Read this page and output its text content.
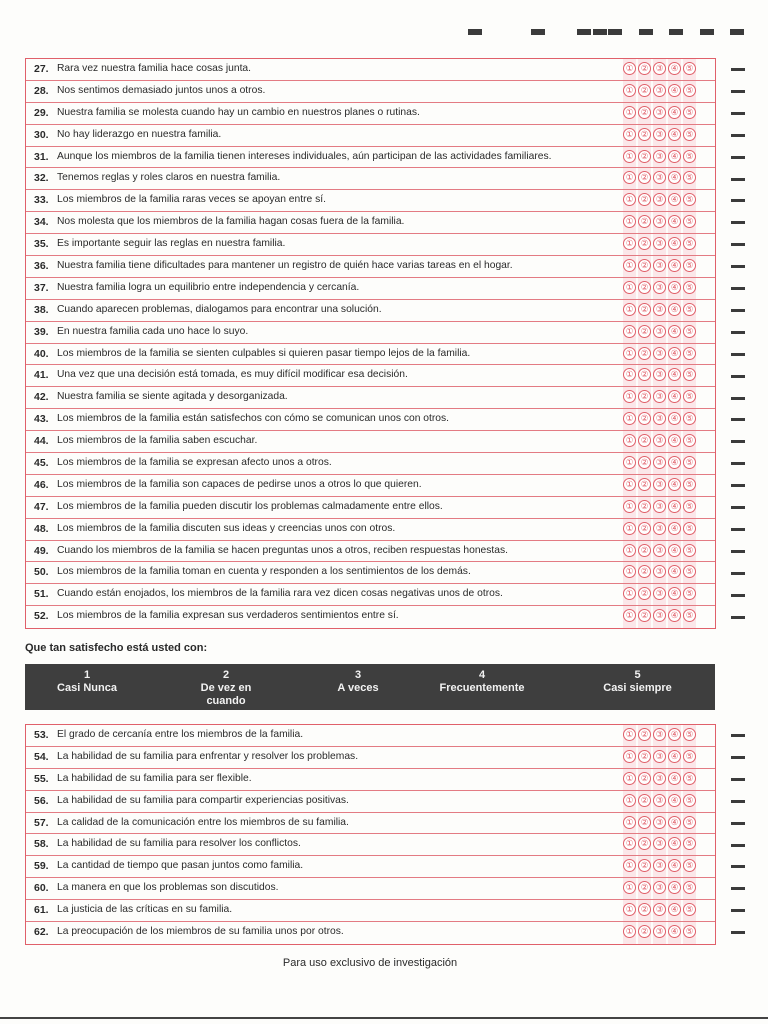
27. Rara vez nuestra familia hace cosas junta.	① ② ③ ④ ⑤
28. Nos sentimos demasiado juntos unos a otros.	① ② ③ ④ ⑤
29. Nuestra familia se molesta cuando hay un cambio en nuestros planes o rutinas.	① ② ③ ④ ⑤
30. No hay liderazgo en nuestra familia.	① ② ③ ④ ⑤
31. Aunque los miembros de la familia tienen intereses individuales, aún participan de las actividades familiares.	① ② ③ ④ ⑤
32. Tenemos reglas y roles claros en nuestra familia.	① ② ③ ④ ⑤
33. Los miembros de la familia raras veces se apoyan entre sí.	① ② ③ ④ ⑤
34. Nos molesta que los miembros de la familia hagan cosas fuera de la familia.	① ② ③ ④ ⑤
35. Es importante seguir las reglas en nuestra familia.	① ② ③ ④ ⑤
36. Nuestra familia tiene dificultades para mantener un registro de quién hace varias tareas en el hogar.	① ② ③ ④ ⑤
37. Nuestra familia logra un equilibrio entre independencia y cercanía.	① ② ③ ④ ⑤
38. Cuando aparecen problemas, dialogamos para encontrar una solución.	① ② ③ ④ ⑤
39. En nuestra familia cada uno hace lo suyo.	① ② ③ ④ ⑤
40. Los miembros de la familia se sienten culpables si quieren pasar tiempo lejos de la familia.	① ② ③ ④ ⑤
41. Una vez que una decisión está tomada, es muy difícil modificar esa decisión.	① ② ③ ④ ⑤
42. Nuestra familia se siente agitada y desorganizada.	① ② ③ ④ ⑤
43. Los miembros de la familia están satisfechos con cómo se comunican unos con otros.	① ② ③ ④ ⑤
44. Los miembros de la familia saben escuchar.	① ② ③ ④ ⑤
45. Los miembros de la familia se expresan afecto unos a otros.	① ② ③ ④ ⑤
46. Los miembros de la familia son capaces de pedirse unos a otros lo que quieren.	① ② ③ ④ ⑤
47. Los miembros de la familia pueden discutir los problemas calmadamente entre ellos.	① ② ③ ④ ⑤
48. Los miembros de la familia discuten sus ideas y creencias unos con otros.	① ② ③ ④ ⑤
49. Cuando los miembros de la familia se hacen preguntas unos a otros, reciben respuestas honestas.	① ② ③ ④ ⑤
50. Los miembros de la familia toman en cuenta y responden a los sentimientos de los demás.	① ② ③ ④ ⑤
51. Cuando están enojados, los miembros de la familia rara vez dicen cosas negativas unos de otros.	① ② ③ ④ ⑤
52. Los miembros de la familia expresan sus verdaderos sentimientos entre sí.	① ② ③ ④ ⑤
Que tan satisfecho está usted con:
1
Casi Nunca
2
De vez en cuando
3
A veces
4
Frecuentemente
5
Casi siempre
53. El grado de cercanía entre los miembros de la familia.	① ② ③ ④ ⑤
54. La habilidad de su familia para enfrentar y resolver los problemas.	① ② ③ ④ ⑤
55. La habilidad de su familia para ser flexible.	① ② ③ ④ ⑤
56. La habilidad de su familia para compartir experiencias positivas.	① ② ③ ④ ⑤
57. La calidad de la comunicación entre los miembros de su familia.	① ② ③ ④ ⑤
58. La habilidad de su familia para resolver los conflictos.	① ② ③ ④ ⑤
59. La cantidad de tiempo que pasan juntos como familia.	① ② ③ ④ ⑤
60. La manera en que los problemas son discutidos.	① ② ③ ④ ⑤
61. La justicia de las críticas en su familia.	① ② ③ ④ ⑤
62. La preocupación de los miembros de su familia unos por otros.	① ② ③ ④ ⑤
Para uso exclusivo de investigación
